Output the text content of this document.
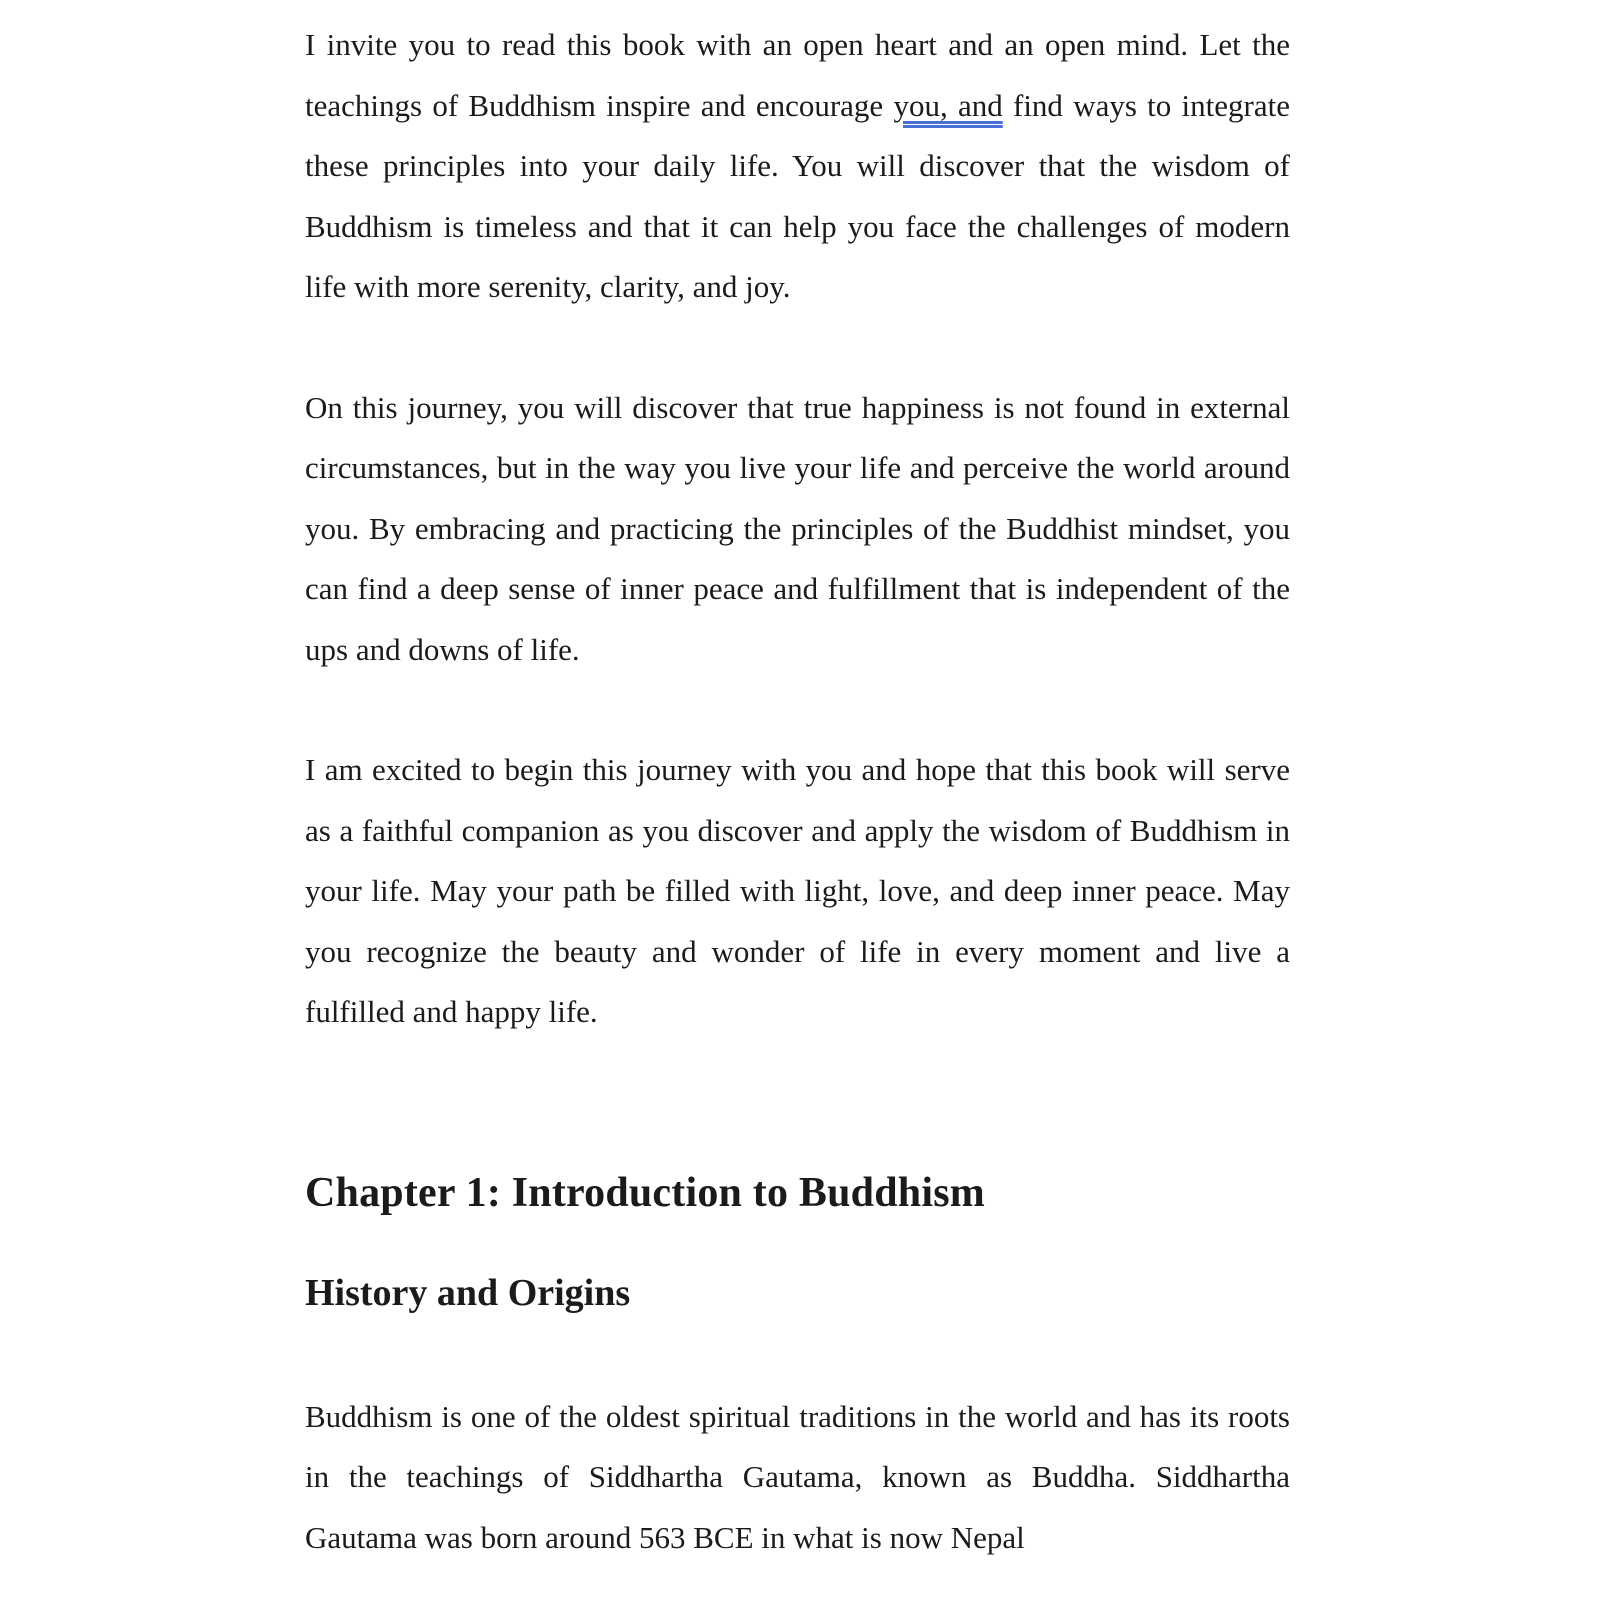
I invite you to read this book with an open heart and an open mind. Let the teachings of Buddhism inspire and encourage you, and find ways to integrate these principles into your daily life. You will discover that the wisdom of Buddhism is timeless and that it can help you face the challenges of modern life with more serenity, clarity, and joy.

On this journey, you will discover that true happiness is not found in external circumstances, but in the way you live your life and perceive the world around you. By embracing and practicing the principles of the Buddhist mindset, you can find a deep sense of inner peace and fulfillment that is independent of the ups and downs of life.

I am excited to begin this journey with you and hope that this book will serve as a faithful companion as you discover and apply the wisdom of Buddhism in your life. May your path be filled with light, love, and deep inner peace. May you recognize the beauty and wonder of life in every moment and live a fulfilled and happy life.

Chapter 1: Introduction to Buddhism
History and Origins

Buddhism is one of the oldest spiritual traditions in the world and has its roots in the teachings of Siddhartha Gautama, known as Buddha. Siddhartha Gautama was born around 563 BCE in what is now Nepal
